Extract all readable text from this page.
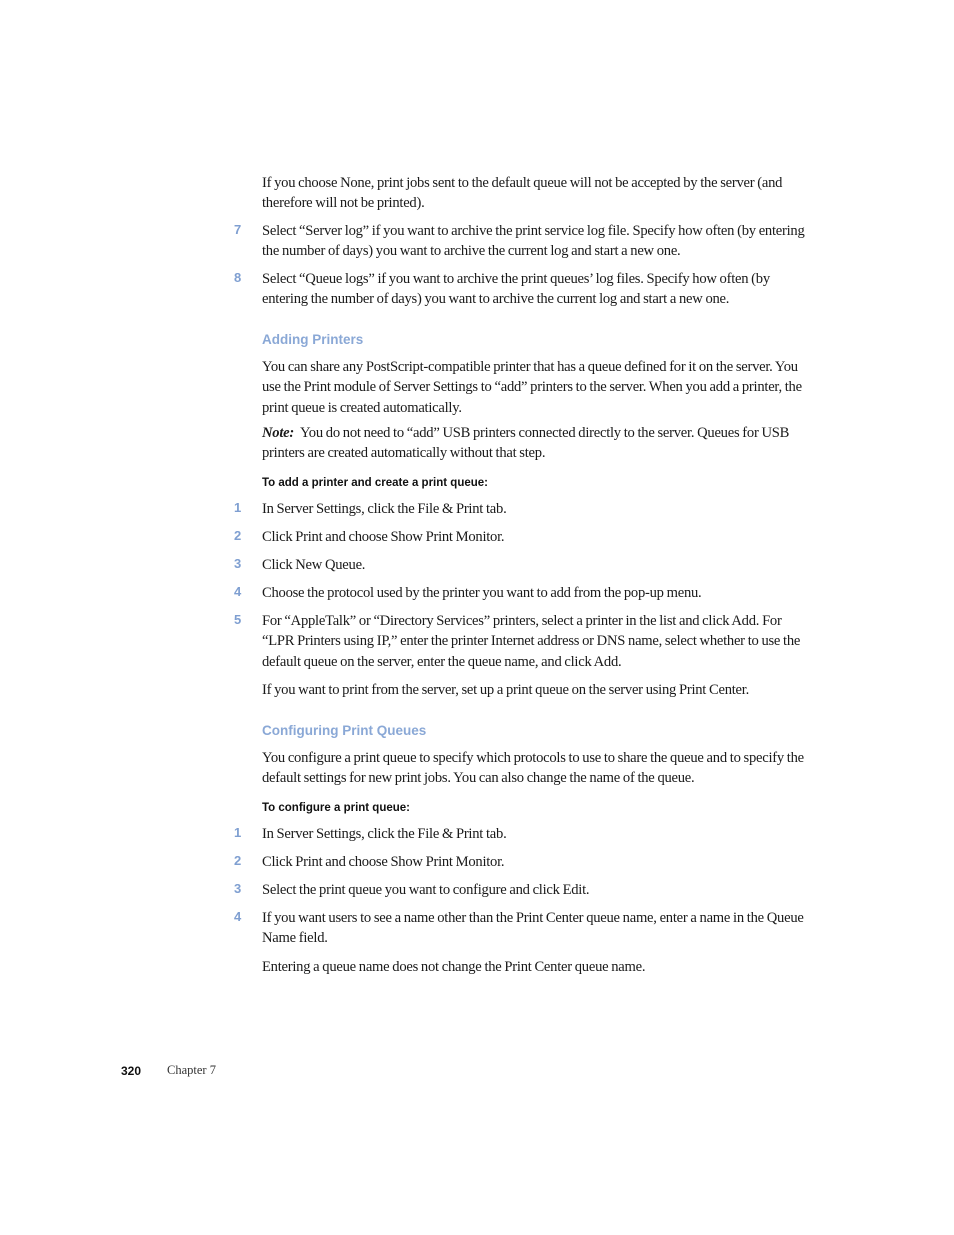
If you choose None, print jobs sent to the default queue will not be accepted by the server (and therefore will not be printed).

7	Select “Server log” if you want to archive the print service log file. Specify how often (by entering the number of days) you want to archive the current log and start a new one.

8	Select “Queue logs” if you want to archive the print queues’ log files. Specify how often (by entering the number of days) you want to archive the current log and start a new one.

Adding Printers

You can share any PostScript-compatible printer that has a queue defined for it on the server. You use the Print module of Server Settings to “add” printers to the server. When you add a printer, the print queue is created automatically.

Note: You do not need to “add” USB printers connected directly to the server. Queues for USB printers are created automatically without that step.

To add a printer and create a print queue:
1	In Server Settings, click the File & Print tab.

2	Click Print and choose Show Print Monitor.

3	Click New Queue.

4	Choose the protocol used by the printer you want to add from the pop-up menu.

5	For “AppleTalk” or “Directory Services” printers, select a printer in the list and click Add. For “LPR Printers using IP,” enter the printer Internet address or DNS name, select whether to use the default queue on the server, enter the queue name, and click Add.

If you want to print from the server, set up a print queue on the server using Print Center.

Configuring Print Queues

You configure a print queue to specify which protocols to use to share the queue and to specify the default settings for new print jobs. You can also change the name of the queue.

To configure a print queue:
1	In Server Settings, click the File & Print tab.

2	Click Print and choose Show Print Monitor.

3	Select the print queue you want to configure and click Edit.

4	If you want users to see a name other than the Print Center queue name, enter a name in the Queue Name field.

Entering a queue name does not change the Print Center queue name.

320 Chapter 7
